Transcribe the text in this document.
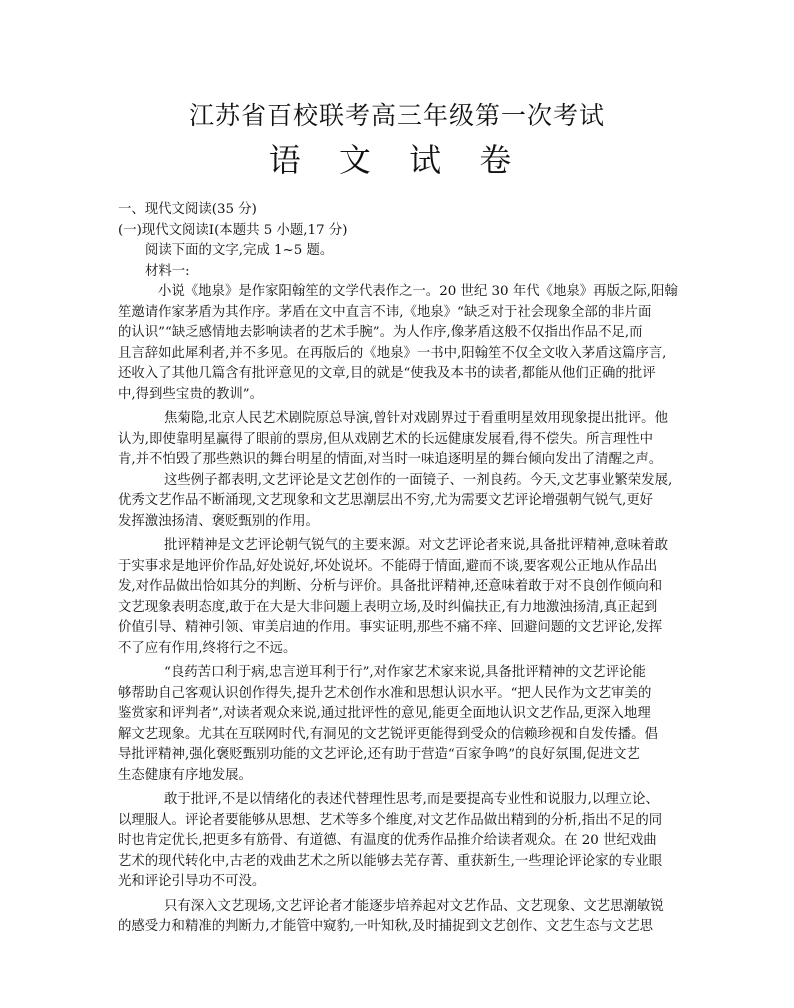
江苏省百校联考高三年级第一次考试
语 文 试 卷
一、现代文阅读(35 分)
(一)现代文阅读Ⅰ(本题共 5 小题,17 分)
阅读下面的文字,完成 1~5 题。
材料一:
小说《地泉》是作家阳翰笙的文学代表作之一。20 世纪 30 年代《地泉》再版之际,阳翰
笙邀请作家茅盾为其作序。茅盾在文中直言不讳,《地泉》“缺乏对于社会现象全部的非片面
的认识”“缺乏感情地去影响读者的艺术手腕”。为人作序,像茅盾这般不仅指出作品不足,而
且言辞如此犀利者,并不多见。在再版后的《地泉》一书中,阳翰笙不仅全文收入茅盾这篇序言,
还收入了其他几篇含有批评意见的文章,目的就是“使我及本书的读者,都能从他们正确的批评
中,得到些宝贵的教训”。
焦菊隐,北京人民艺术剧院原总导演,曾针对戏剧界过于看重明星效用现象提出批评。他
认为,即使靠明星赢得了眼前的票房,但从戏剧艺术的长远健康发展看,得不偿失。所言理性中
肯,并不怕毁了那些熟识的舞台明星的情面,对当时一味追逐明星的舞台倾向发出了清醒之声。
这些例子都表明,文艺评论是文艺创作的一面镜子、一剂良药。今天,文艺事业繁荣发展,
优秀文艺作品不断涌现,文艺现象和文艺思潮层出不穷,尤为需要文艺评论增强朝气锐气,更好
发挥激浊扬清、褒贬甄别的作用。
批评精神是文艺评论朝气锐气的主要来源。对文艺评论者来说,具备批评精神,意味着敢
于实事求是地评价作品,好处说好,坏处说坏。不能碍于情面,避而不谈,要客观公正地从作品出
发,对作品做出恰如其分的判断、分析与评价。具备批评精神,还意味着敢于对不良创作倾向和
文艺现象表明态度,敢于在大是大非问题上表明立场,及时纠偏扶正,有力地激浊扬清,真正起到
价值引导、精神引领、审美启迪的作用。事实证明,那些不痛不痒、回避问题的文艺评论,发挥
不了应有作用,终将行之不远。
“良药苦口利于病,忠言逆耳利于行”,对作家艺术家来说,具备批评精神的文艺评论能
够帮助自己客观认识创作得失,提升艺术创作水准和思想认识水平。“把人民作为文艺审美的
鉴赏家和评判者”,对读者观众来说,通过批评性的意见,能更全面地认识文艺作品,更深入地理
解文艺现象。尤其在互联网时代,有洞见的文艺锐评更能得到受众的信赖珍视和自发传播。倡
导批评精神,强化褒贬甄别功能的文艺评论,还有助于营造“百家争鸣”的良好氛围,促进文艺
生态健康有序地发展。
敢于批评,不是以情绪化的表述代替理性思考,而是要提高专业性和说服力,以理立论、
以理服人。评论者要能够从思想、艺术等多个维度,对文艺作品做出精到的分析,指出不足的同
时也肯定优长,把更多有筋骨、有道德、有温度的优秀作品推介给读者观众。在 20 世纪戏曲
艺术的现代转化中,古老的戏曲艺术之所以能够去芜存菁、重获新生,一些理论评论家的专业眼
光和评论引导功不可没。
只有深入文艺现场,文艺评论者才能逐步培养起对文艺作品、文艺现象、文艺思潮敏锐
的感受力和精准的判断力,才能管中窥豹,一叶知秋,及时捕捉到文艺创作、文艺生态与文艺思
